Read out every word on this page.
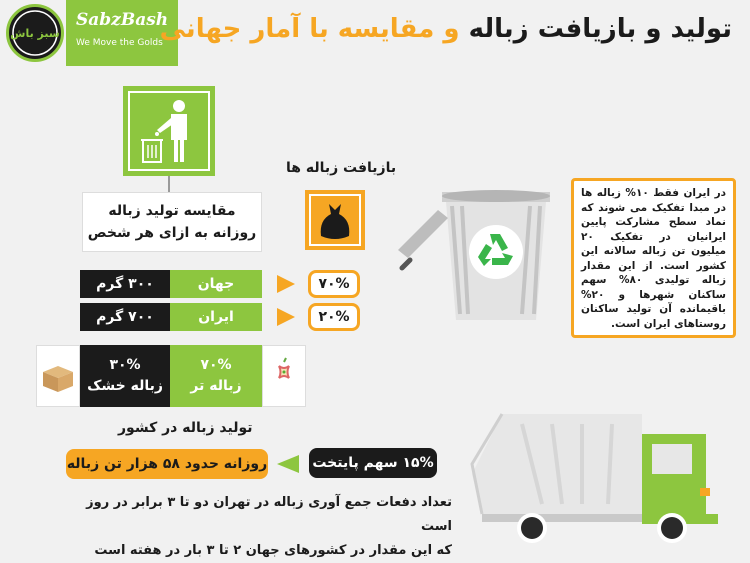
سبز باش
SabzBash
We Move the Golds	تولید و بازیافت زباله و مقایسه با آمار جهانی
مقایسه تولید زباله
روزانه به ازای هر شخص
۳۰۰ گرم	جهان
۷۰۰ گرم	ایران
۷۰%
۲۰%
۳۰%
زباله خشک
۷۰%
زباله تر
بازیافت زباله ها
در ایران فقط ۱۰% زباله ها در مبدا تفکیک می شوند که نماد سطح مشارکت پایین ایرانیان در تفکیک ۲۰ میلیون تن زباله سالانه این کشور است. از این مقدار زباله تولیدی ۸۰% سهم ساکنان شهرها و ۲۰% باقیمانده آن تولید ساکنان روستاهای ایران است.
تولید زباله در کشور
۱۵% سهم پایتخت
روزانه حدود ۵۸ هزار تن زباله
تعداد دفعات جمع آوری زباله در تهران دو تا ۳ برابر در روز است
که این مقدار در کشورهای جهان ۲ تا ۳ بار در هفته است
